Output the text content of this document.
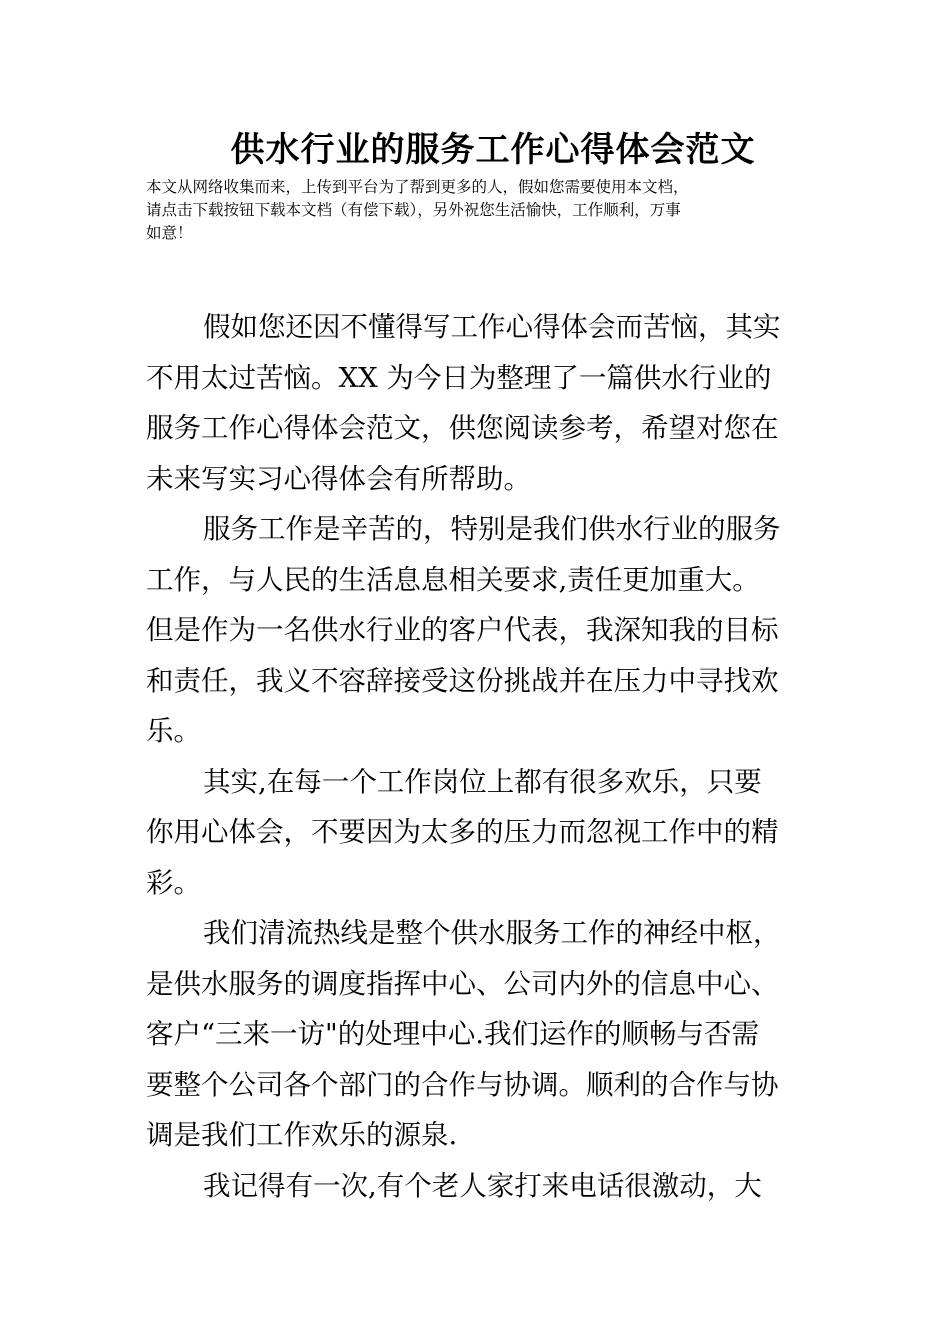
供水行业的服务工作心得体会范文
本文从网络收集而来，上传到平台为了帮到更多的人，假如您需要使用本文档，
请点击下载按钮下载本文档（有偿下载），另外祝您生活愉快，工作顺利，万事
如意！
假如您还因不懂得写工作心得体会而苦恼，其实
不用太过苦恼。XX 为今日为整理了一篇供水行业的
服务工作心得体会范文，供您阅读参考，希望对您在
未来写实习心得体会有所帮助。
服务工作是辛苦的，特别是我们供水行业的服务
工作，与人民的生活息息相关要求,责任更加重大。
但是作为一名供水行业的客户代表，我深知我的目标
和责任，我义不容辞接受这份挑战并在压力中寻找欢
乐。
其实,在每一个工作岗位上都有很多欢乐，只要
你用心体会，不要因为太多的压力而忽视工作中的精
彩。
我们清流热线是整个供水服务工作的神经中枢，
是供水服务的调度指挥中心、公司内外的信息中心、
客户“三来一访"的处理中心.我们运作的顺畅与否需
要整个公司各个部门的合作与协调。顺利的合作与协
调是我们工作欢乐的源泉.
我记得有一次,有个老人家打来电话很激动，大
